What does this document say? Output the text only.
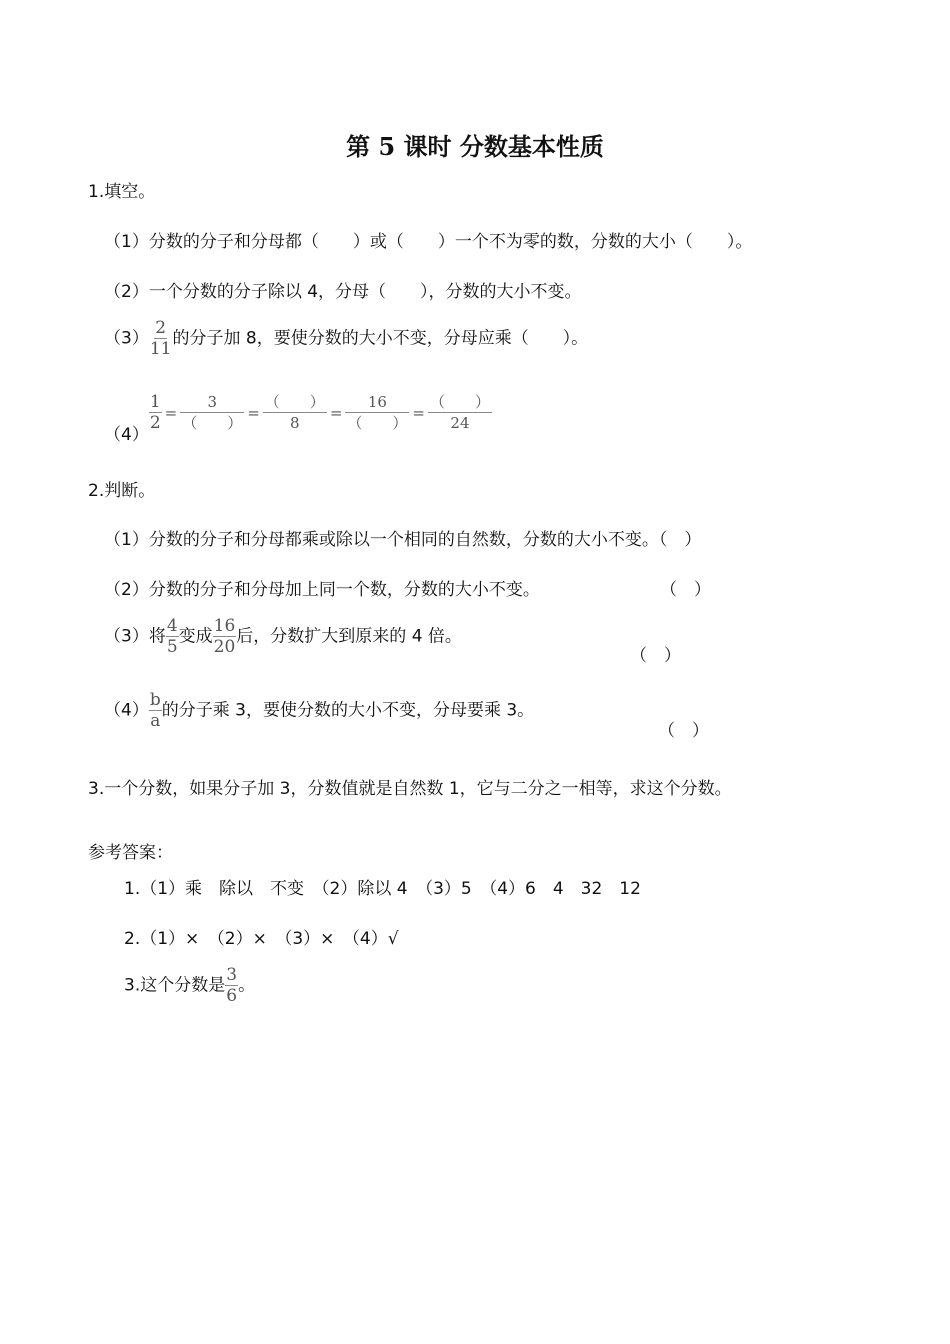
第 5 课时 分数基本性质
1.填空。
（1）分数的分子和分母都（　　）或（　　）一个不为零的数，分数的大小（　　）。
（2）一个分数的分子除以 4，分母（　　），分数的大小不变。
$(3) \frac{2}{11}$ 的分子加 8，要使分数的大小不变，分母应乘（　　）。
（4）
$\frac{1}{2} = \frac{3}{( )} = \frac{( )}{8} = \frac{16}{( )} = \frac{( )}{24}$
2.判断。
（1）分数的分子和分母都乘或除以一个相同的自然数，分数的大小不变。（　）
（2）分数的分子和分母加上同一个数，分数的大小不变。	（　）
（3）将 $\frac{4}{5}$ 变成 $\frac{16}{20}$ 后，分数扩大到原来的 4 倍。
（　）
$(4) \frac{b}{a}$ 的分子乘 3，要使分数的大小不变，分母要乘 3。
（　）
3.一个分数，如果分子加 3，分数值就是自然数 1，它与二分之一相等，求这个分数。
参考答案：
1.（1）乘　除以　不变　（2）除以 4　（3）5　（4）6　4　32　12
2.（1）×　（2）×　（3）×　（4）√
3.这个分数是 $\frac{3}{6}$ 。
